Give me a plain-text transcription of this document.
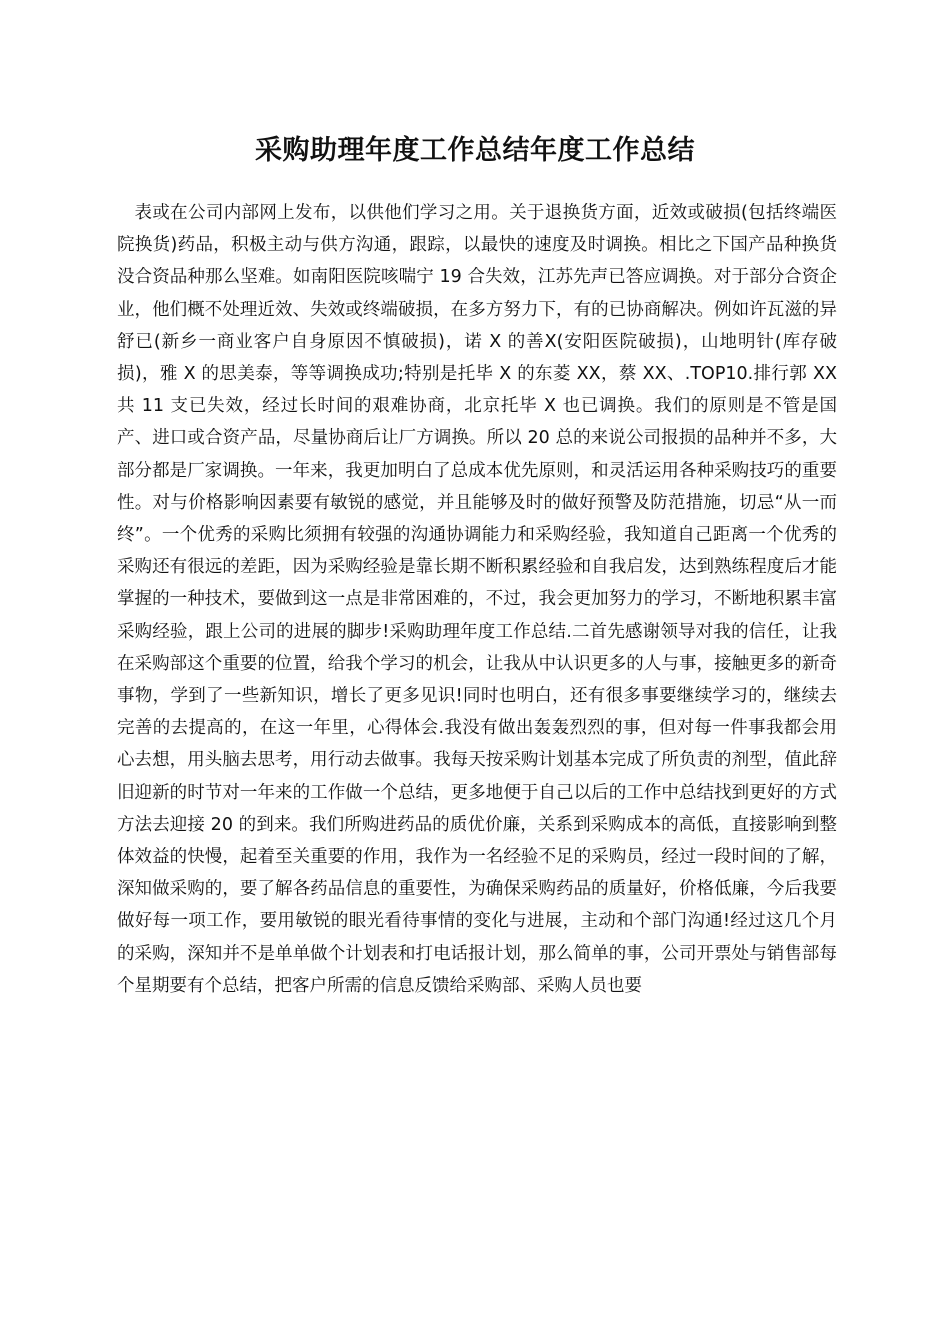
采购助理年度工作总结年度工作总结

表或在公司内部网上发布，以供他们学习之用。关于退换货方面，近效或破损(包括终端医院换货)药品，积极主动与供方沟通，跟踪，以最快的速度及时调换。相比之下国产品种换货没合资品种那么坚难。如南阳医院咳喘宁 19 合失效，江苏先声已答应调换。对于部分合资企业，他们概不处理近效、失效或终端破损，在多方努力下，有的已协商解决。例如许瓦滋的异舒已(新乡一商业客户自身原因不慎破损)，诺 X 的善X(安阳医院破损)，山地明针(库存破损)，雅 X 的思美泰，等等调换成功;特别是托毕 X 的东菱 XX，蔡 XX、.TOP10.排行郭 XX 共 11 支已失效，经过长时间的艰难协商，北京托毕 X 也已调换。我们的原则是不管是国产、进口或合资产品，尽量协商后让厂方调换。所以 20 总的来说公司报损的品种并不多，大部分都是厂家调换。一年来，我更加明白了总成本优先原则，和灵活运用各种采购技巧的重要性。对与价格影响因素要有敏锐的感觉，并且能够及时的做好预警及防范措施，切忌“从一而终”。一个优秀的采购比须拥有较强的沟通协调能力和采购经验，我知道自己距离一个优秀的采购还有很远的差距，因为采购经验是靠长期不断积累经验和自我启发，达到熟练程度后才能掌握的一种技术，要做到这一点是非常困难的，不过，我会更加努力的学习，不断地积累丰富采购经验，跟上公司的进展的脚步!采购助理年度工作总结.二首先感谢领导对我的信任，让我在采购部这个重要的位置，给我个学习的机会，让我从中认识更多的人与事，接触更多的新奇事物，学到了一些新知识，增长了更多见识!同时也明白，还有很多事要继续学习的，继续去完善的去提高的，在这一年里，心得体会.我没有做出轰轰烈烈的事，但对每一件事我都会用心去想，用头脑去思考，用行动去做事。我每天按采购计划基本完成了所负责的剂型，值此辞旧迎新的时节对一年来的工作做一个总结，更多地便于自己以后的工作中总结找到更好的方式方法去迎接 20 的到来。我们所购进药品的质优价廉，关系到采购成本的高低，直接影响到整体效益的快慢，起着至关重要的作用，我作为一名经验不足的采购员，经过一段时间的了解，深知做采购的，要了解各药品信息的重要性，为确保采购药品的质量好，价格低廉，今后我要做好每一项工作，要用敏锐的眼光看待事情的变化与进展，主动和个部门沟通!经过这几个月的采购，深知并不是单单做个计划表和打电话报计划，那么简单的事，公司开票处与销售部每个星期要有个总结，把客户所需的信息反馈给采购部、采购人员也要
